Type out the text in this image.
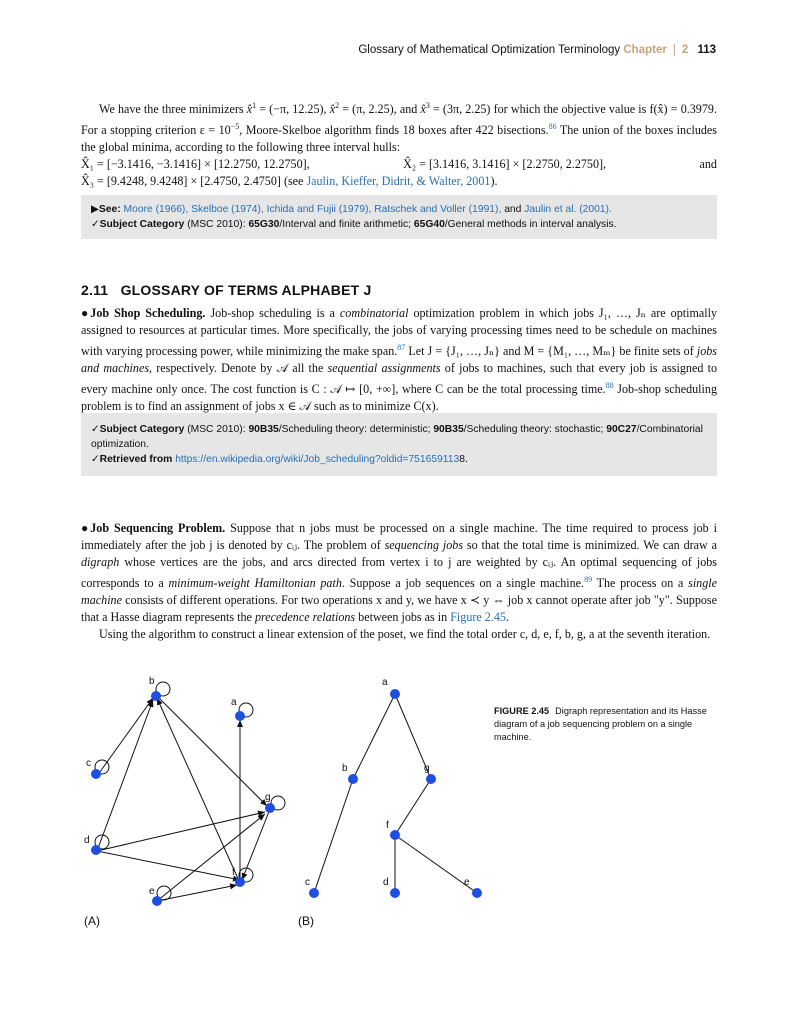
Glossary of Mathematical Optimization Terminology Chapter | 2 113

We have the three minimizers x̂$^1$ = (−π, 12.25), x̂$^2$ = (π, 2.25), and x̂$^3$ = (3π, 2.25) for which the objective value is f(x̂) = 0.3979. For a stopping criterion $\varepsilon = 10^{-5}$, Moore-Skelboe algorithm finds 18 boxes after 422 bisections.$^{86}$ The union of the boxes includes the global minima, according to the following three interval hulls:

X̂₁ = [−3.1416, −3.1416] × [12.2750, 12.2750],	X̂₂ = [3.1416, 3.1416] × [2.2750, 2.2750],	and

X̂₃ = [9.4248, 9.4248] × [2.4750, 2.4750] (see Jaulin, Kieffer, Didrit, & Walter, 2001).

▶See: Moore (1966), Skelboe (1974), Ichida and Fujii (1979), Ratschek and Voller (1991), and Jaulin et al. (2001).
✓Subject Category (MSC 2010): 65G30/Interval and finite arithmetic; 65G40/General methods in interval analysis.
2.11 GLOSSARY OF TERMS ALPHABET J

●Job Shop Scheduling. Job-shop scheduling is a combinatorial optimization problem in which jobs J₁, …, Jₙ are optimally assigned to resources at particular times. More specifically, the jobs of varying processing times need to be schedule on machines with varying processing power, while minimizing the make span.$^{87}$ Let J = {J₁, …, Jₙ} and M = {M₁, …, Mₘ} be finite sets of jobs and machines, respectively. Denote by 𝒜 all the sequential assignments of jobs to machines, such that every job is assigned to every machine only once. The cost function is C : 𝒜 ↦ [0, +∞], where C can be the total processing time.$^{88}$ Job-shop scheduling problem is to find an assignment of jobs x ∈ 𝒜 such as to minimize C(x).

✓Subject Category (MSC 2010): 90B35/Scheduling theory: deterministic; 90B35/Scheduling theory: stochastic; 90C27/Combinatorial optimization.
✓Retrieved from https://en.wikipedia.org/wiki/Job_scheduling?oldid=7516591138.

●Job Sequencing Problem. Suppose that n jobs must be processed on a single machine. The time required to process job i immediately after the job j is denoted by cᵢⱼ. The problem of sequencing jobs so that the total time is minimized. We can draw a digraph whose vertices are the jobs, and arcs directed from vertex i to j are weighted by cᵢⱼ. An optimal sequencing of jobs corresponds to a minimum-weight Hamiltonian path. Suppose a job sequences on a single machine.$^{89}$ The process on a single machine consists of different operations. For two operations x and y, we have x ≺ y ⇔ job x cannot operate after job "y". Suppose that a Hasse diagram represents the precedence relations between jobs as in Figure 2.45.

Using the algorithm to construct a linear extension of the poset, we find the total order c, d, e, f, b, g, a at the seventh iteration.

b
a
c
d
g
f
e
(A)
a
b	g
f
c	d	e
(B)
FIGURE 2.45 Digraph representation and its Hasse diagram of a job sequencing problem on a single machine.
